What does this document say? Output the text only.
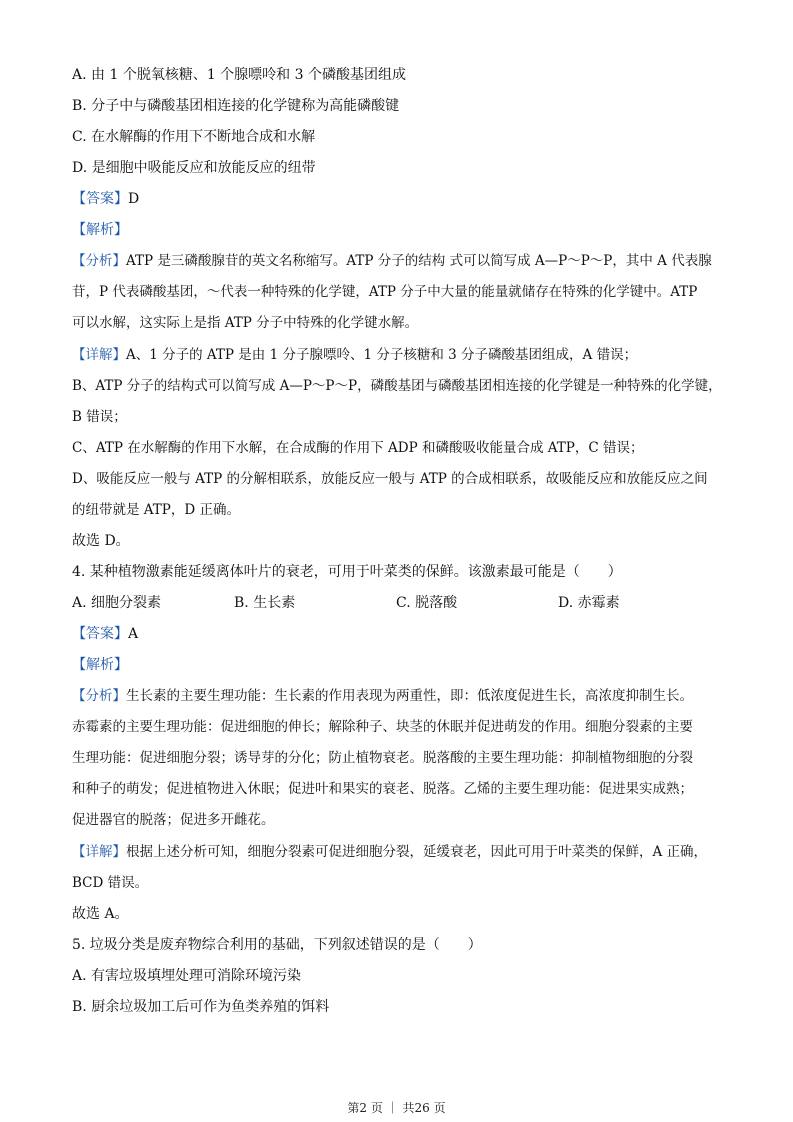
A. 由 1 个脱氧核糖、1 个腺嘌呤和 3 个磷酸基团组成
B. 分子中与磷酸基团相连接的化学键称为高能磷酸键
C. 在水解酶的作用下不断地合成和水解
D. 是细胞中吸能反应和放能反应的纽带
【答案】D
【解析】
【分析】ATP 是三磷酸腺苷的英文名称缩写。ATP 分子的结构 式可以简写成 A—P～P～P，其中 A 代表腺
苷，P 代表磷酸基团，～代表一种特殊的化学键，ATP 分子中大量的能量就储存在特殊的化学键中。ATP
可以水解，这实际上是指 ATP 分子中特殊的化学键水解。
【详解】A、1 分子的 ATP 是由 1 分子腺嘌呤、1 分子核糖和 3 分子磷酸基团组成，A 错误；
B、ATP 分子的结构式可以简写成 A—P～P～P，磷酸基团与磷酸基团相连接的化学键是一种特殊的化学键，
B 错误；
C、ATP 在水解酶的作用下水解，在合成酶的作用下 ADP 和磷酸吸收能量合成 ATP，C 错误；
D、吸能反应一般与 ATP 的分解相联系，放能反应一般与 ATP 的合成相联系，故吸能反应和放能反应之间
的纽带就是 ATP，D 正确。
故选 D。
4. 某种植物激素能延缓离体叶片的衰老，可用于叶菜类的保鲜。该激素最可能是（　　）
A. 细胞分裂素	B. 生长素	C. 脱落酸	D. 赤霉素
【答案】A
【解析】
【分析】生长素的主要生理功能：生长素的作用表现为两重性，即：低浓度促进生长，高浓度抑制生长。
赤霉素的主要生理功能：促进细胞的伸长；解除种子、块茎的休眠并促进萌发的作用。细胞分裂素的主要
生理功能：促进细胞分裂；诱导芽的分化；防止植物衰老。脱落酸的主要生理功能：抑制植物细胞的分裂
和种子的萌发；促进植物进入休眠；促进叶和果实的衰老、脱落。乙烯的主要生理功能：促进果实成熟；
促进器官的脱落；促进多开雌花。
【详解】根据上述分析可知，细胞分裂素可促进细胞分裂，延缓衰老，因此可用于叶菜类的保鲜，A 正确，
BCD 错误。
故选 A。
5. 垃圾分类是废弃物综合利用的基础，下列叙述错误的是（　　）
A. 有害垃圾填埋处理可消除环境污染
B. 厨余垃圾加工后可作为鱼类养殖的饵料
第2 页 ｜ 共26 页
